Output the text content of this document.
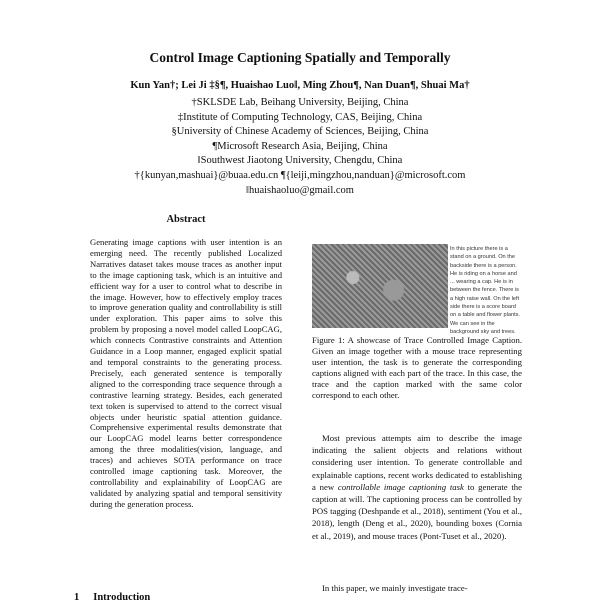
Control Image Captioning Spatially and Temporally
Kun Yan†; Lei Ji ‡§¶, Huaishao Luo‖, Ming Zhou¶, Nan Duan¶, Shuai Ma†
†SKLSDE Lab, Beihang University, Beijing, China
‡Institute of Computing Technology, CAS, Beijing, China
§University of Chinese Academy of Sciences, Beijing, China
¶Microsoft Research Asia, Beijing, China
‖Southwest Jiaotong University, Chengdu, China
†{kunyan,mashuai}@buaa.edu.cn ¶{leiji,mingzhou,nanduan}@microsoft.com
‖huaishaoluo@gmail.com
Abstract

Generating image captions with user intention is an emerging need. The recently published Localized Narratives dataset takes mouse traces as another input to the image captioning task, which is an intuitive and efficient way for a user to control what to describe in the image. However, how to effectively employ traces to improve generation quality and controllability is still under exploration. This paper aims to solve this problem by proposing a novel model called LoopCAG, which connects Contrastive constraints and Attention Guidance in a Loop manner, engaged explicit spatial and temporal constraints to the generating process. Precisely, each generated sentence is temporally aligned to the corresponding trace sequence through a contrastive learning strategy. Besides, each generated text token is supervised to attend to the correct visual objects under heuristic spatial attention guidance. Comprehensive experimental results demonstrate that our LoopCAG model learns better correspondence among the three modalities(vision, language, and traces) and achieves SOTA performance on trace controlled image captioning task. Moreover, the controllability and explainability of LoopCAG are validated by analyzing spatial and temporal sensitivity during the generation process.

1 Introduction
In this picture there is a stand on a ground. On the backside there is a person. He is riding on a horse and ... wearing a cap. He is in between the fence. There is a high raise wall. On the left side there is a score board on a table and flower plants. We can see in the background sky and trees.

Figure 1: A showcase of Trace Controlled Image Caption. Given an image together with a mouse trace representing user intention, the task is to generate the corresponding captions aligned with each part of the trace. In this case, the trace and the caption marked with the same color correspond to each other.

Most previous attempts aim to describe the image indicating the salient objects and relations without considering user intention. To generate controllable and explainable captions, recent works dedicated to establishing a new controllable image captioning task to generate the caption at will. The captioning process can be controlled by POS tagging (Deshpande et al., 2018), sentiment (You et al., 2018), length (Deng et al., 2020), bounding boxes (Cornia et al., 2019), and mouse traces (Pont-Tuset et al., 2020).

In this paper, we mainly investigate trace-
